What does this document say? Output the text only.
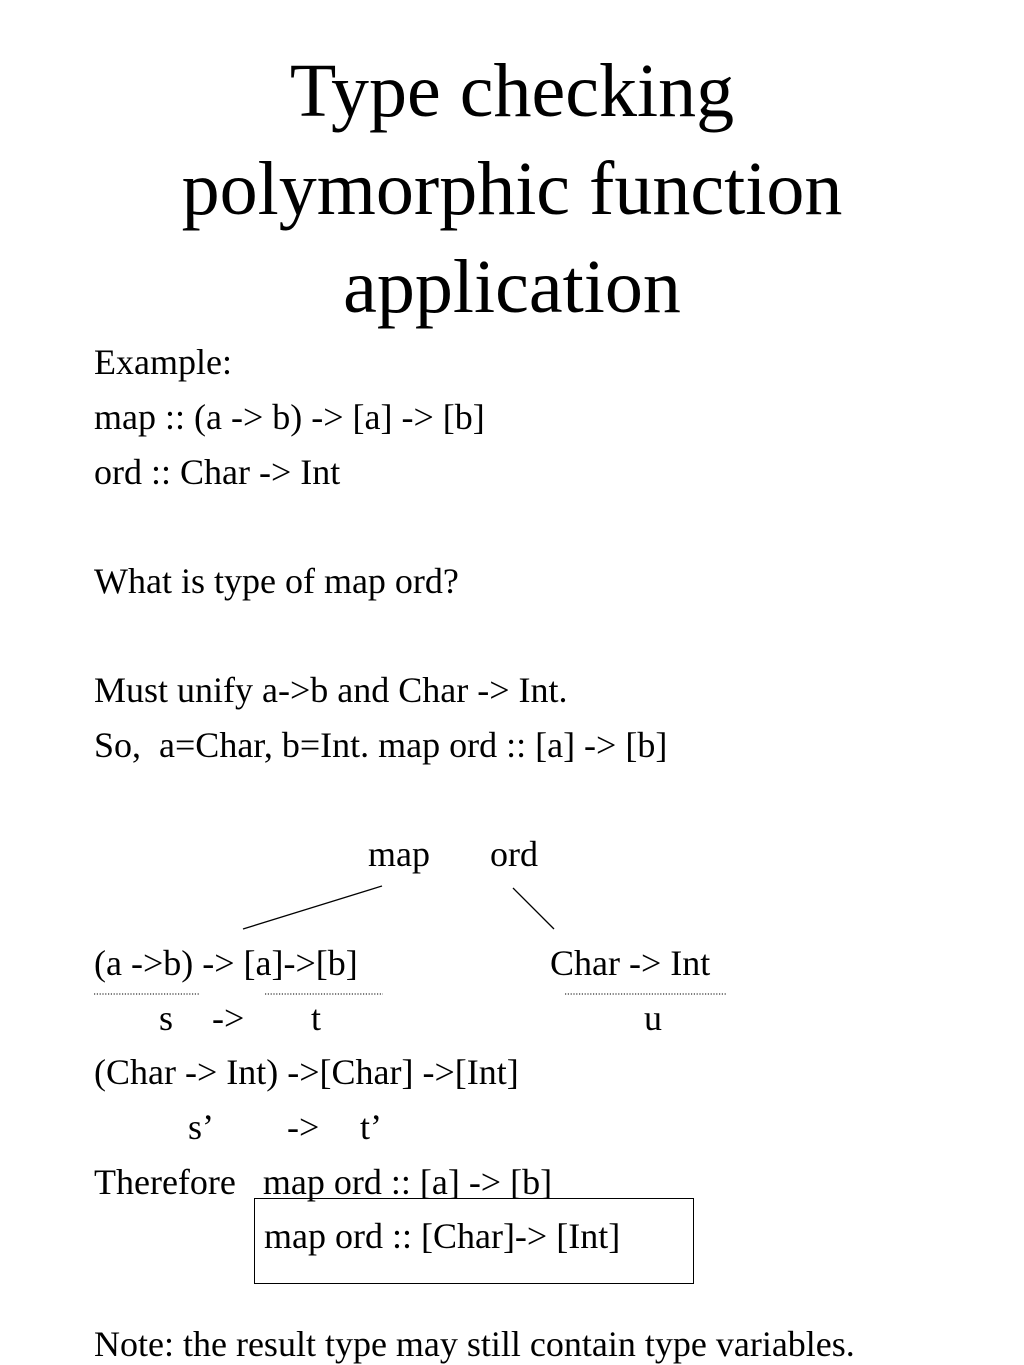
Type checking
polymorphic function
application
Example:
map :: (a -> b) -> [a] -> [b]
ord :: Char -> Int
What is type of map ord?
Must unify a->b and Char -> Int.
So,  a=Char, b=Int. map ord :: [a] -> [b]
map ord
(a ->b) -> [a]->[b]	Char -> Int
s -> t	u
(Char -> Int) ->[Char] ->[Int]
s’ -> t’
Therefore   map ord :: [a] -> [b]
map ord :: [Char]-> [Int]
Note: the result type may still contain type variables.
